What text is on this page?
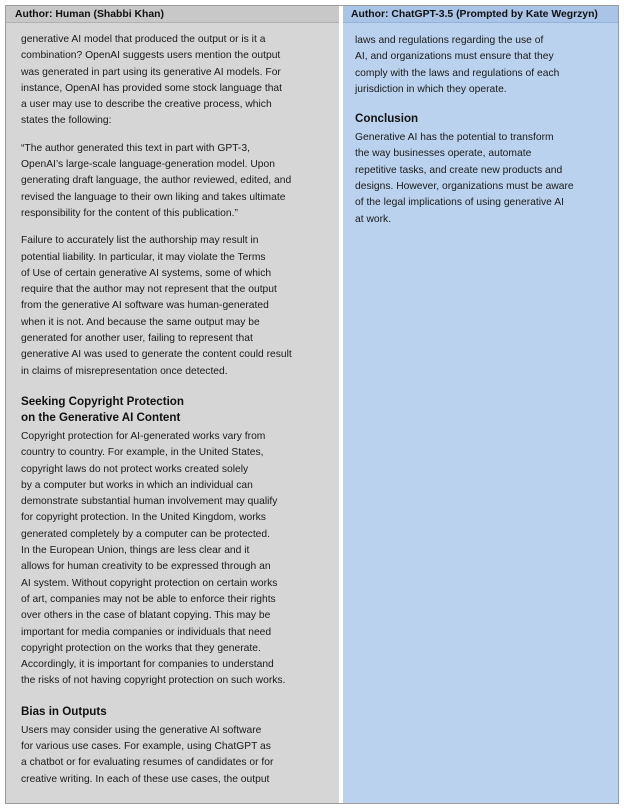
Author: Human (Shabbi Khan)

generative AI model that produced the output or is it a
combination? OpenAI suggests users mention the output
was generated in part using its generative AI models. For
instance, OpenAI has provided some stock language that
a user may use to describe the creative process, which
states the following:

“The author generated this text in part with GPT-3,
OpenAI’s large-scale language-generation model. Upon
generating draft language, the author reviewed, edited, and
revised the language to their own liking and takes ultimate
responsibility for the content of this publication.”

Failure to accurately list the authorship may result in
potential liability. In particular, it may violate the Terms
of Use of certain generative AI systems, some of which
require that the author may not represent that the output
from the generative AI software was human-generated
when it is not. And because the same output may be
generated for another user, failing to represent that
generative AI was used to generate the content could result
in claims of misrepresentation once detected.

Seeking Copyright Protection
on the Generative AI Content

Copyright protection for AI-generated works vary from
country to country. For example, in the United States,
copyright laws do not protect works created solely
by a computer but works in which an individual can
demonstrate substantial human involvement may qualify
for copyright protection. In the United Kingdom, works
generated completely by a computer can be protected.
In the European Union, things are less clear and it
allows for human creativity to be expressed through an
AI system. Without copyright protection on certain works
of art, companies may not be able to enforce their rights
over others in the case of blatant copying. This may be
important for media companies or individuals that need
copyright protection on the works that they generate.
Accordingly, it is important for companies to understand
the risks of not having copyright protection on such works.

Bias in Outputs

Users may consider using the generative AI software
for various use cases. For example, using ChatGPT as
a chatbot or for evaluating resumes of candidates or for
creative writing. In each of these use cases, the output

Author: ChatGPT-3.5 (Prompted by Kate Wegrzyn)

laws and regulations regarding the use of
AI, and organizations must ensure that they
comply with the laws and regulations of each
jurisdiction in which they operate.

Conclusion

Generative AI has the potential to transform
the way businesses operate, automate
repetitive tasks, and create new products and
designs. However, organizations must be aware
of the legal implications of using generative AI
at work.
